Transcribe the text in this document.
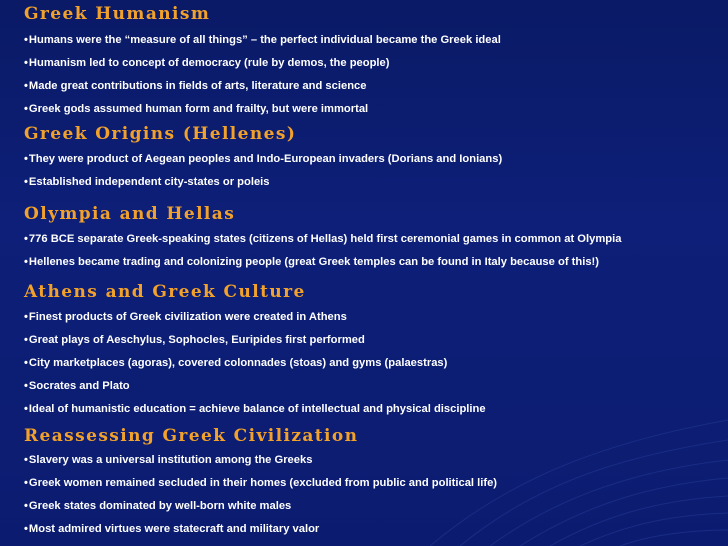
Greek Humanism
•Humans were the “measure of all things” – the perfect individual became the Greek ideal
•Humanism led to concept of democracy (rule by demos, the people)
•Made great contributions in fields of arts, literature and science
•Greek gods assumed human form and frailty, but were immortal
Greek Origins (Hellenes)
•They were product of Aegean peoples and Indo-European invaders (Dorians and Ionians)
•Established independent city-states or poleis
Olympia and Hellas
•776 BCE separate Greek-speaking states (citizens of Hellas) held first ceremonial games in common at Olympia
•Hellenes became trading and colonizing people (great Greek temples can be found in Italy because of this!)
Athens and Greek Culture
•Finest products of Greek civilization were created in Athens
•Great plays of Aeschylus, Sophocles, Euripides first performed
•City marketplaces (agoras), covered colonnades (stoas) and gyms (palaestras)
•Socrates and Plato
•Ideal of humanistic education = achieve balance of intellectual and physical discipline
Reassessing Greek Civilization
•Slavery was a universal institution among the Greeks
•Greek women remained secluded in their homes (excluded from public and political life)
•Greek states dominated by well-born white males
•Most admired virtues were statecraft and military valor
